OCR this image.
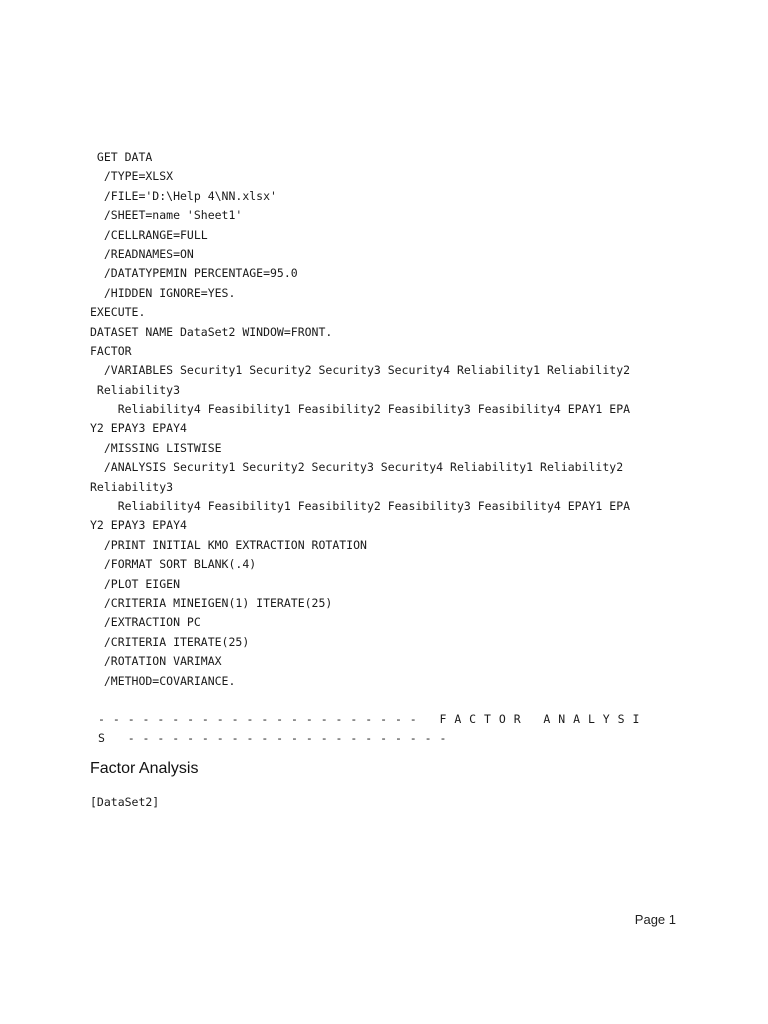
GET DATA
/TYPE=XLSX
/FILE='D:\Help 4\NN.xlsx'
/SHEET=name 'Sheet1'
/CELLRANGE=FULL
/READNAMES=ON
/DATATYPEMIN PERCENTAGE=95.0
/HIDDEN IGNORE=YES.
EXECUTE.
DATASET NAME DataSet2 WINDOW=FRONT.
FACTOR
/VARIABLES Security1 Security2 Security3 Security4 Reliability1 Reliability2
Reliability3
Reliability4 Feasibility1 Feasibility2 Feasibility3 Feasibility4 EPAY1 EPA
Y2 EPAY3 EPAY4
/MISSING LISTWISE
/ANALYSIS Security1 Security2 Security3 Security4 Reliability1 Reliability2
Reliability3
Reliability4 Feasibility1 Feasibility2 Feasibility3 Feasibility4 EPAY1 EPA
Y2 EPAY3 EPAY4
/PRINT INITIAL KMO EXTRACTION ROTATION
/FORMAT SORT BLANK(.4)
/PLOT EIGEN
/CRITERIA MINEIGEN(1) ITERATE(25)
/EXTRACTION PC
/CRITERIA ITERATE(25)
/ROTATION VARIMAX
/METHOD=COVARIANCE.
- - - - - - - - - - - - - - - - - - - - - -   F A C T O R   A N A L Y S I
S   - - - - - - - - - - - - - - - - - - - - - -
Factor Analysis
[DataSet2]
Page 1
